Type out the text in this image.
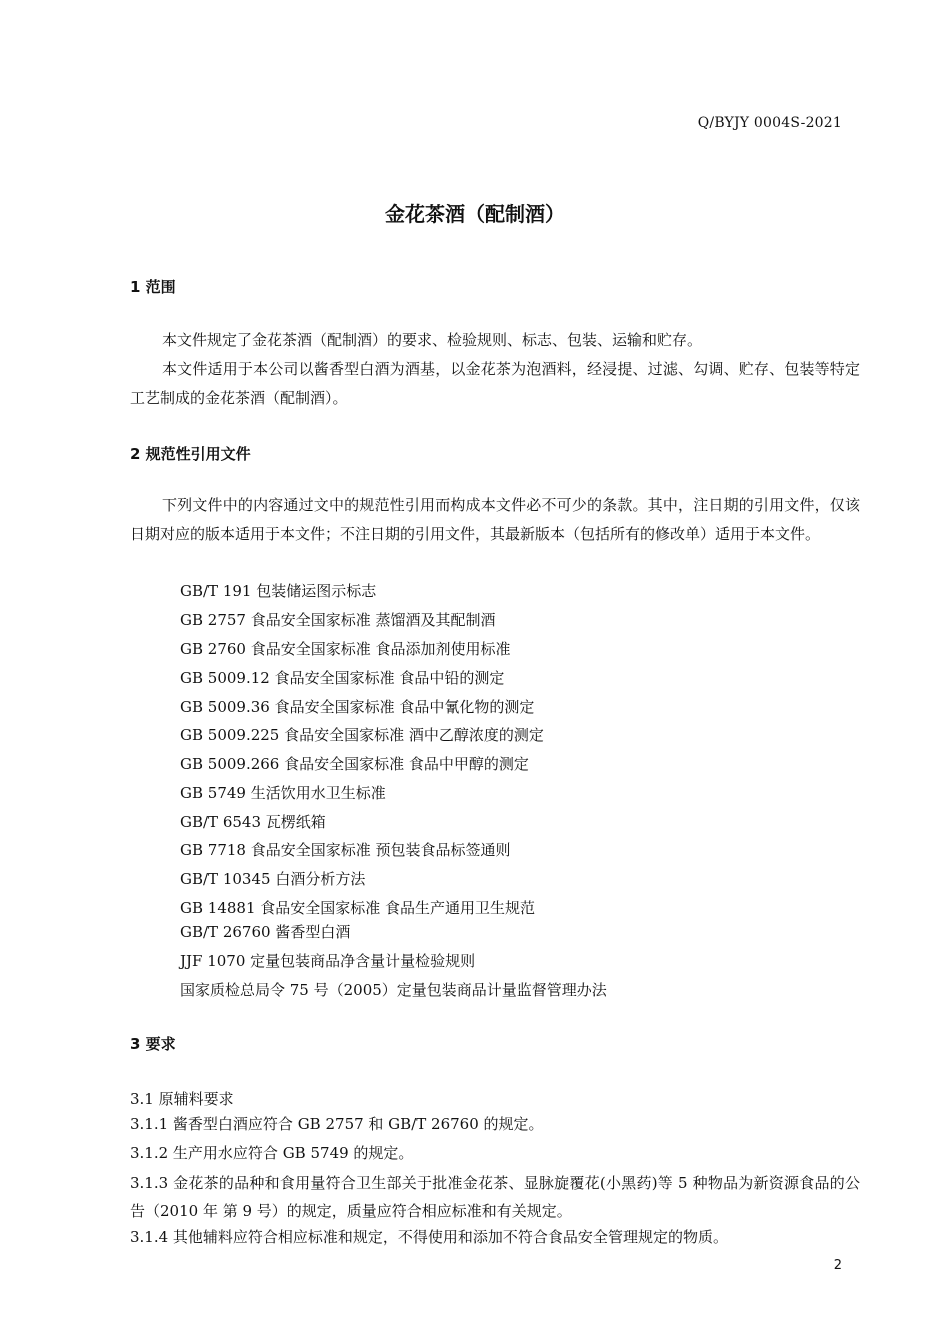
Q/BYJY 0004S-2021
金花茶酒（配制酒）
1 范围
本文件规定了金花茶酒（配制酒）的要求、检验规则、标志、包装、运输和贮存。
本文件适用于本公司以酱香型白酒为酒基，以金花茶为泡酒料，经浸提、过滤、勾调、贮存、包装等特定工艺制成的金花茶酒（配制酒）。
2 规范性引用文件
下列文件中的内容通过文中的规范性引用而构成本文件必不可少的条款。其中，注日期的引用文件，仅该日期对应的版本适用于本文件；不注日期的引用文件，其最新版本（包括所有的修改单）适用于本文件。
GB/T 191 包装储运图示标志
GB 2757 食品安全国家标准 蒸馏酒及其配制酒
GB 2760 食品安全国家标准 食品添加剂使用标准
GB 5009.12 食品安全国家标准 食品中铅的测定
GB 5009.36 食品安全国家标准 食品中氰化物的测定
GB 5009.225 食品安全国家标准 酒中乙醇浓度的测定
GB 5009.266 食品安全国家标准 食品中甲醇的测定
GB 5749 生活饮用水卫生标准
GB/T 6543 瓦楞纸箱
GB 7718 食品安全国家标准 预包装食品标签通则
GB/T 10345 白酒分析方法
GB 14881 食品安全国家标准 食品生产通用卫生规范
GB/T 26760 酱香型白酒
JJF 1070 定量包装商品净含量计量检验规则
国家质检总局令 75 号（2005）定量包装商品计量监督管理办法
3 要求
3.1 原辅料要求
3.1.1 酱香型白酒应符合 GB 2757 和 GB/T 26760 的规定。
3.1.2 生产用水应符合 GB 5749 的规定。
3.1.3 金花茶的品种和食用量符合卫生部关于批准金花茶、显脉旋覆花(小黑药)等 5 种物品为新资源食品的公告（2010 年 第 9 号）的规定，质量应符合相应标准和有关规定。
3.1.4 其他辅料应符合相应标准和规定，不得使用和添加不符合食品安全管理规定的物质。
2
